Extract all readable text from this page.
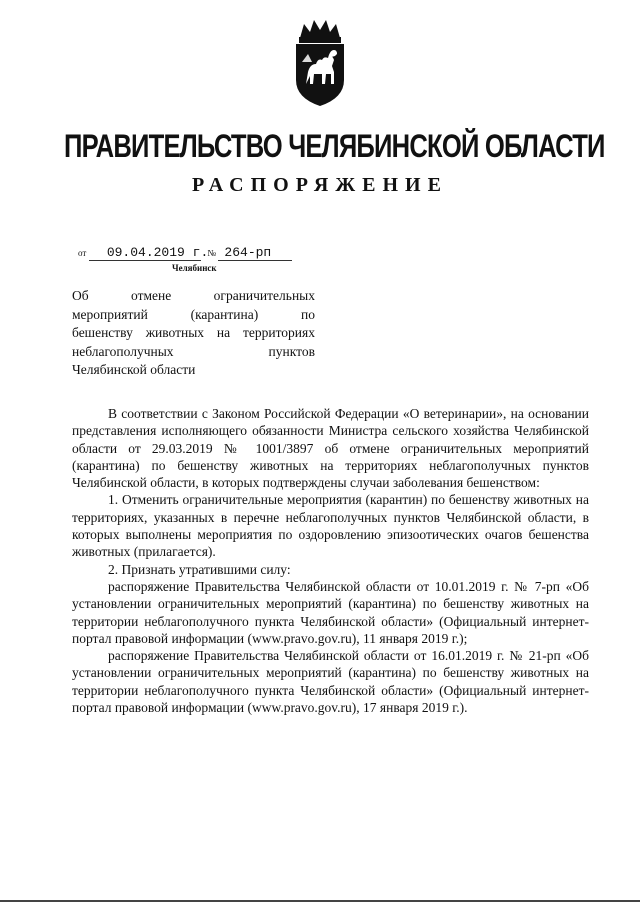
ПРАВИТЕЛЬСТВО ЧЕЛЯБИНСКОЙ ОБЛАСТИ
РАСПОРЯЖЕНИЕ
от 09.04.2019 г. № 264-рп
Челябинск
Об отмене ограничительных
мероприятий (карантина) по
бешенству животных на территориях
неблагополучных пунктов
Челябинской области

В соответствии с Законом Российской Федерации «О ветеринарии», на основании представления исполняющего обязанности Министра сельского хозяйства Челябинской области от 29.03.2019 № 1001/3897 об отмене ограничительных мероприятий (карантина) по бешенству животных на территориях неблагополучных пунктов Челябинской области, в которых подтверждены случаи заболевания бешенством:

1. Отменить ограничительные мероприятия (карантин) по бешенству животных на территориях, указанных в перечне неблагополучных пунктов Челябинской области, в которых выполнены мероприятия по оздоровлению эпизоотических очагов бешенства животных (прилагается).

2. Признать утратившими силу:

распоряжение Правительства Челябинской области от 10.01.2019 г. № 7-рп «Об установлении ограничительных мероприятий (карантина) по бешенству животных на территории неблагополучного пункта Челябинской области» (Официальный интернет-портал правовой информации (www.pravo.gov.ru), 11 января 2019 г.);

распоряжение Правительства Челябинской области от 16.01.2019 г. № 21-рп «Об установлении ограничительных мероприятий (карантина) по бешенству животных на территории неблагополучного пункта Челябинской области» (Официальный интернет-портал правовой информации (www.pravo.gov.ru), 17 января 2019 г.).
